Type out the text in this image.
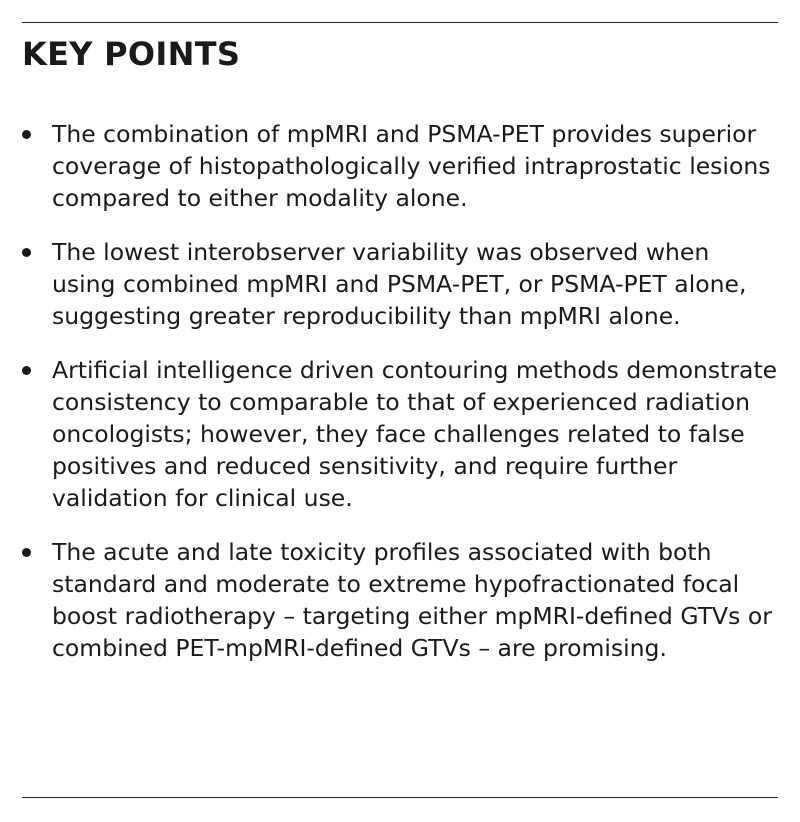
KEY POINTS
The combination of mpMRI and PSMA-PET provides superior coverage of histopathologically verified intraprostatic lesions compared to either modality alone.
The lowest interobserver variability was observed when using combined mpMRI and PSMA-PET, or PSMA-PET alone, suggesting greater reproducibility than mpMRI alone.
Artificial intelligence driven contouring methods demonstrate consistency to comparable to that of experienced radiation oncologists; however, they face challenges related to false positives and reduced sensitivity, and require further validation for clinical use.
The acute and late toxicity profiles associated with both standard and moderate to extreme hypofractionated focal boost radiotherapy – targeting either mpMRI-defined GTVs or combined PET-mpMRI-defined GTVs – are promising.
